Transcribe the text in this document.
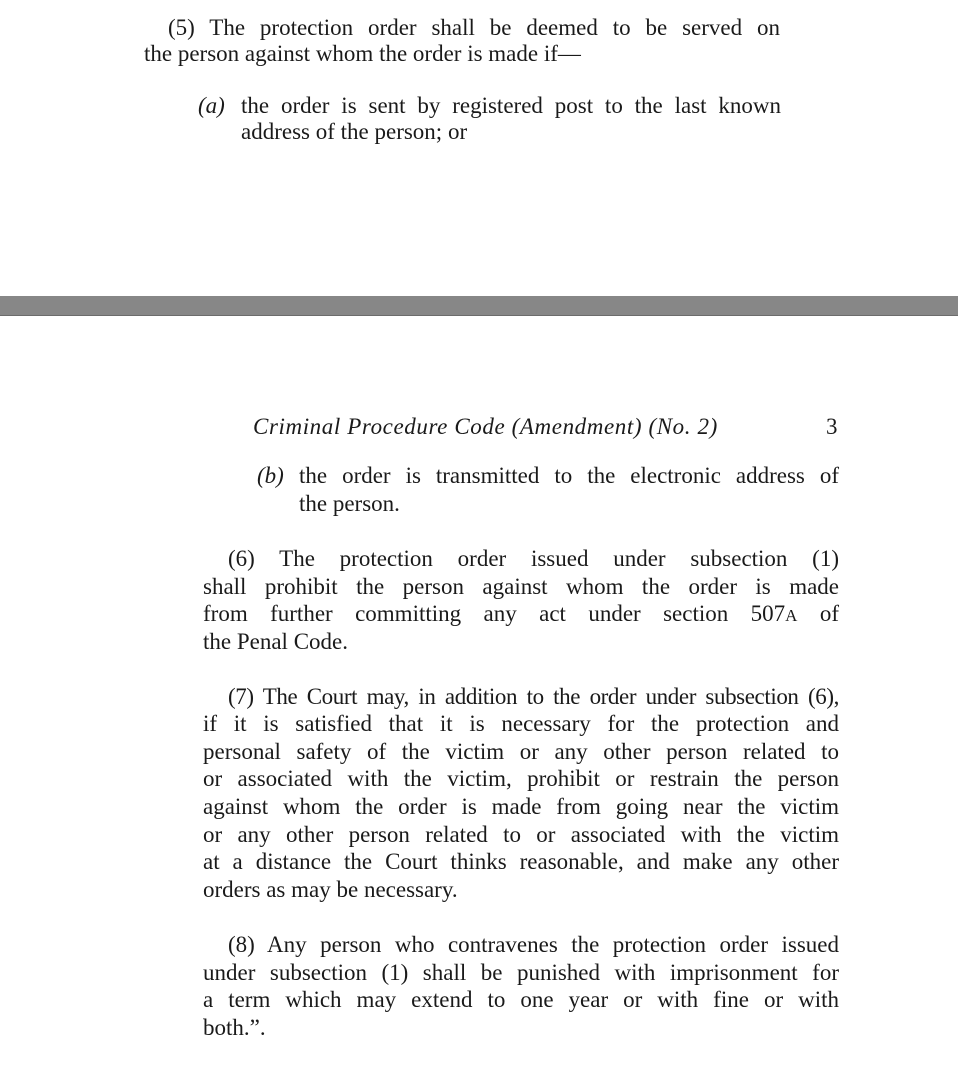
(5) The protection order shall be deemed to be served on
the person against whom the order is made if—
(a) the order is sent by registered post to the last known
address of the person; or
Criminal Procedure Code (Amendment) (No. 2)	3
(b) the order is transmitted to the electronic address of
the person.
(6) The protection order issued under subsection (1)
shall prohibit the person against whom the order is made
from further committing any act under section 507A of
the Penal Code.
(7) The Court may, in addition to the order under subsection (6),
if it is satisfied that it is necessary for the protection and
personal safety of the victim or any other person related to
or associated with the victim, prohibit or restrain the person
against whom the order is made from going near the victim
or any other person related to or associated with the victim
at a distance the Court thinks reasonable, and make any other
orders as may be necessary.
(8) Any person who contravenes the protection order issued
under subsection (1) shall be punished with imprisonment for
a term which may extend to one year or with fine or with
both.”.
